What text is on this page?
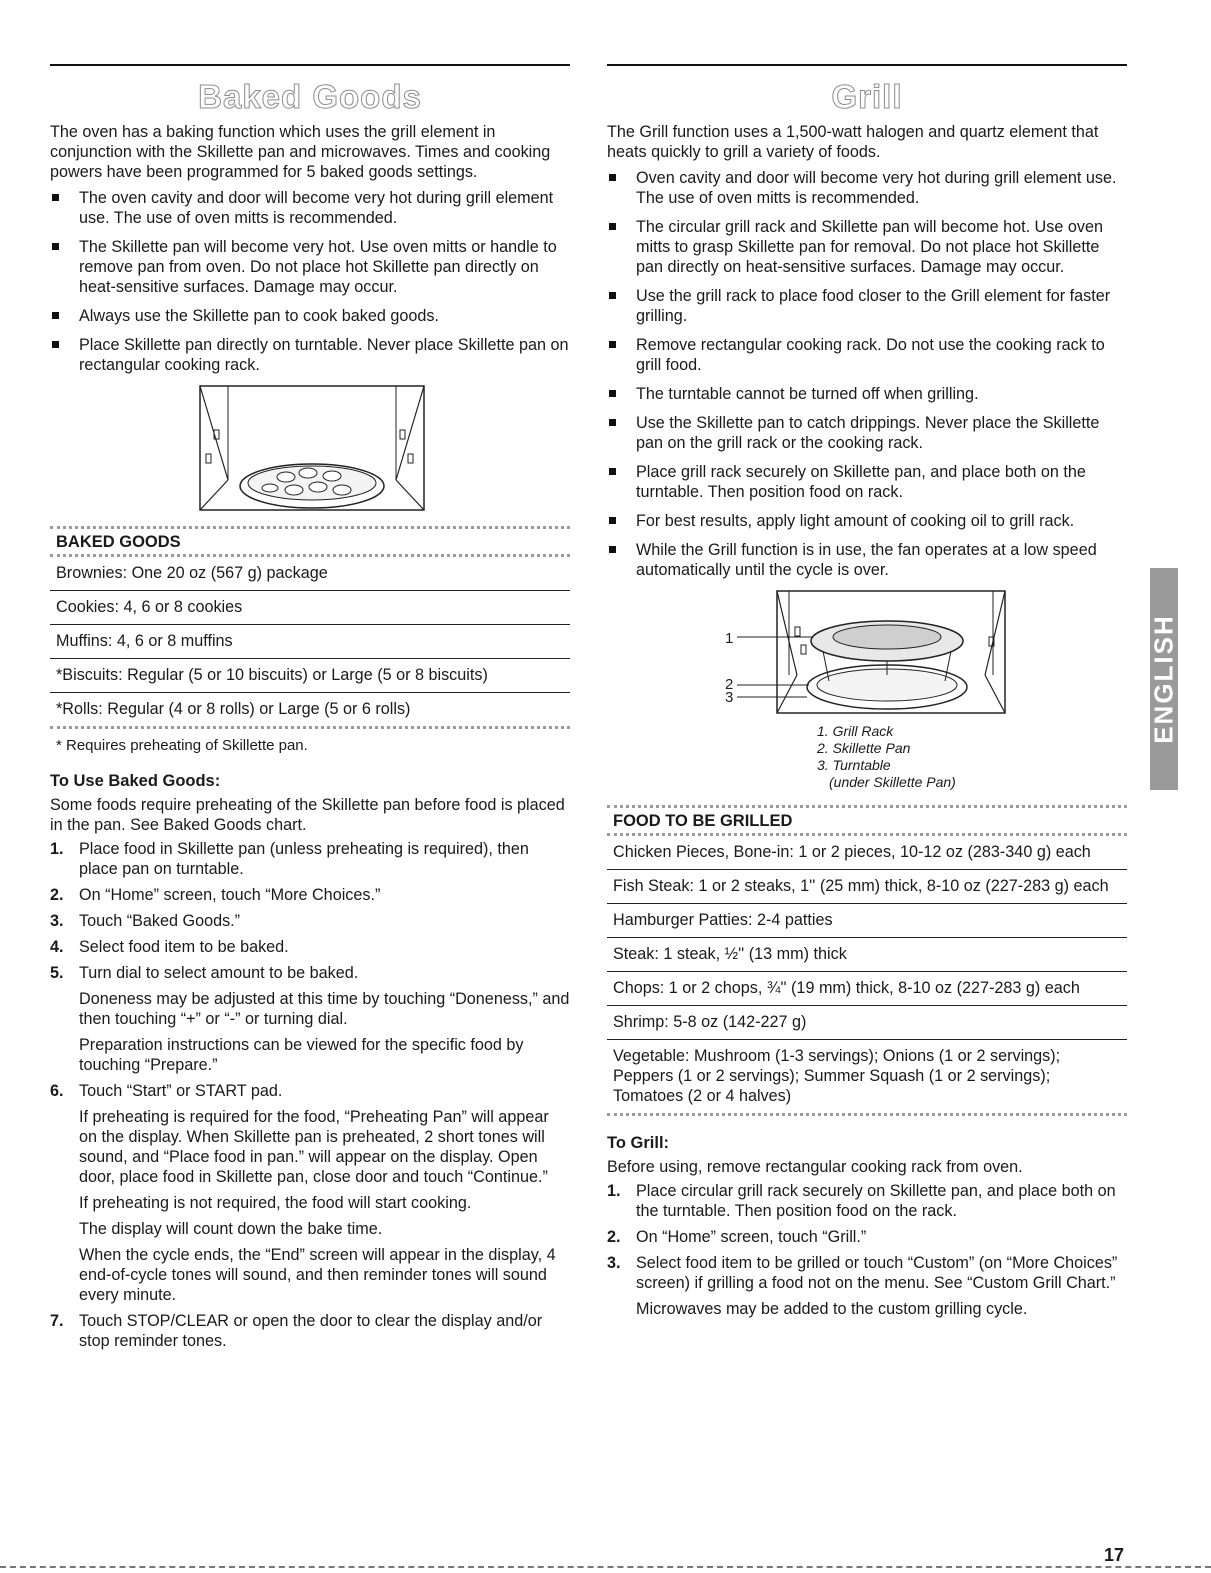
Baked Goods

The oven has a baking function which uses the grill element in conjunction with the Skillette pan and microwaves. Times and cooking powers have been programmed for 5 baked goods settings.

The oven cavity and door will become very hot during grill element use. The use of oven mitts is recommended.
The Skillette pan will become very hot. Use oven mitts or handle to remove pan from oven. Do not place hot Skillette pan directly on heat-sensitive surfaces. Damage may occur.
Always use the Skillette pan to cook baked goods.
Place Skillette pan directly on turntable. Never place Skillette pan on rectangular cooking rack.
BAKED GOODS
Brownies: One 20 oz (567 g) package
Cookies: 4, 6 or 8 cookies
Muffins: 4, 6 or 8 muffins
*Biscuits: Regular (5 or 10 biscuits) or Large (5 or 8 biscuits)
*Rolls: Regular (4 or 8 rolls) or Large (5 or 6 rolls)
* Requires preheating of Skillette pan.
To Use Baked Goods:

Some foods require preheating of the Skillette pan before food is placed in the pan. See Baked Goods chart.

1. Place food in Skillette pan (unless preheating is required), then place pan on turntable.
2. On “Home” screen, touch “More Choices.”
3. Touch “Baked Goods.”
4. Select food item to be baked.
5. Turn dial to select amount to be baked.
Doneness may be adjusted at this time by touching “Doneness,” and then touching “+” or “-” or turning dial.
Preparation instructions can be viewed for the specific food by touching “Prepare.”
6. Touch “Start” or START pad.
If preheating is required for the food, “Preheating Pan” will appear on the display. When Skillette pan is preheated, 2 short tones will sound, and “Place food in pan.” will appear on the display. Open door, place food in Skillette pan, close door and touch “Continue.”
If preheating is not required, the food will start cooking.
The display will count down the bake time.
When the cycle ends, the “End” screen will appear in the display, 4 end-of-cycle tones will sound, and then reminder tones will sound every minute.
7. Touch STOP/CLEAR or open the door to clear the display and/or stop reminder tones.
Grill

The Grill function uses a 1,500-watt halogen and quartz element that heats quickly to grill a variety of foods.

Oven cavity and door will become very hot during grill element use. The use of oven mitts is recommended.
The circular grill rack and Skillette pan will become hot. Use oven mitts to grasp Skillette pan for removal. Do not place hot Skillette pan directly on heat-sensitive surfaces. Damage may occur.
Use the grill rack to place food closer to the Grill element for faster grilling.
Remove rectangular cooking rack. Do not use the cooking rack to grill food.
The turntable cannot be turned off when grilling.
Use the Skillette pan to catch drippings. Never place the Skillette pan on the grill rack or the cooking rack.
Place grill rack securely on Skillette pan, and place both on the turntable. Then position food on rack.
For best results, apply light amount of cooking oil to grill rack.
While the Grill function is in use, the fan operates at a low speed automatically until the cycle is over.
1
2
3
1. Grill Rack
2. Skillette Pan
3. Turntable
(under Skillette Pan)
FOOD TO BE GRILLED
Chicken Pieces, Bone-in: 1 or 2 pieces, 10-12 oz (283-340 g) each
Fish Steak: 1 or 2 steaks, 1'' (25 mm) thick, 8-10 oz (227-283 g) each
Hamburger Patties: 2-4 patties
Steak: 1 steak, ½'' (13 mm) thick
Chops: 1 or 2 chops, ¾'' (19 mm) thick, 8-10 oz (227-283 g) each
Shrimp: 5-8 oz (142-227 g)
Vegetable: Mushroom (1-3 servings); Onions (1 or 2 servings); Peppers (1 or 2 servings); Summer Squash (1 or 2 servings); Tomatoes (2 or 4 halves)
To Grill:

Before using, remove rectangular cooking rack from oven.

1. Place circular grill rack securely on Skillette pan, and place both on the turntable. Then position food on the rack.
2. On “Home” screen, touch “Grill.”
3. Select food item to be grilled or touch “Custom” (on “More Choices” screen) if grilling a food not on the menu. See “Custom Grill Chart.”
Microwaves may be added to the custom grilling cycle.
ENGLISH
17
